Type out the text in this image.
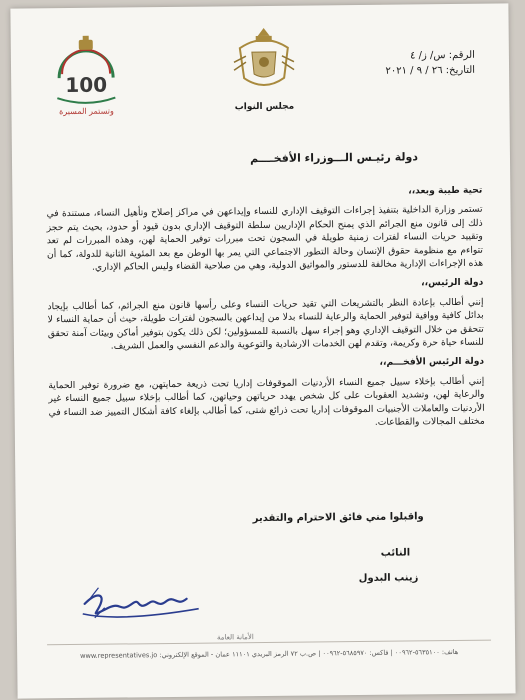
100
وتستمر المسيرة	مجلس النواب
الرقم: س/ ز/ ٤
التاريخ: ٢٦ / ٩ / ٢٠٢١
دولة رئيـس الـــوزراء الأفخــــم

تحية طيبة وبعد،،

تستمر وزارة الداخلية بتنفيذ إجراءات التوقيف الإداري للنساء وإيداعهن في مراكز إصلاح وتأهيل النساء، مستندة في ذلك إلى قانون منع الجرائم الذي يمنح الحكام الإداريين سلطة التوقيف الإداري بدون قيود أو حدود، بحيث يتم حجز وتقييد حريات النساء لفترات زمنية طويلة في السجون تحت مبررات توفير الحماية لهن، وهذه المبررات لم تعد تتواءم مع منظومة حقوق الإنسان وحالة التطور الاجتماعي التي يمر بها الوطن مع بعد المئوية الثانية للدولة، كما أن هذه الإجراءات الإدارية مخالفة للدستور والمواثيق الدولية، وهي من صلاحية القضاء وليس الحاكم الإداري.

دولة الرئيس،،

إنني أطالب بإعادة النظر بالتشريعات التي تقيد حريات النساء وعلى رأسها قانون منع الجرائم، كما أطالب بإيجاد بدائل كافية ووافية لتوفير الحماية والرعاية للنساء بدلا من إيداعهن بالسجون لفترات طويلة، حيث أن حماية النساء لا تتحقق من خلال التوقيف الإداري وهو إجراء سهل بالنسبة للمسؤولين؛ لكن ذلك يكون بتوفير أماكن وبيئات آمنة تحقق للنساء حياة حرة وكريمة، وتقدم لهن الخدمات الارشادية والتوعوية والدعم النفسي والعمل الشريف.

دولة الرئيس الأفخـــم،،

إنني أطالب بإخلاء سبيل جميع النساء الأردنيات الموقوفات إداريا تحت ذريعة حمايتهن، مع ضرورة توفير الحماية والرعاية لهن، وتشديد العقوبات على كل شخص يهدد حرياتهن وحياتهن، كما أطالب بإخلاء سبيل جميع النساء غير الأردنيات والعاملات الأجنبيات الموقوفات إداريا تحت ذرائع شتى، كما أطالب بإلغاء كافة أشكال التمييز ضد النساء في مختلف المجالات والقطاعات.

واقبلوا مني فائق الاحترام والتقدير
النائب
زينب البدول
الأمانة العامة
هاتف: ٥٦٣٥١٠٠-٠٠٩٦٢ | فاكس: ٥٦٨٥٩٧٠-٠٠٩٦٢ | ص.ب ٧٢ الرمز البريدي ١١١٠١ عمان - الموقع الإلكتروني: www.representatives.jo
